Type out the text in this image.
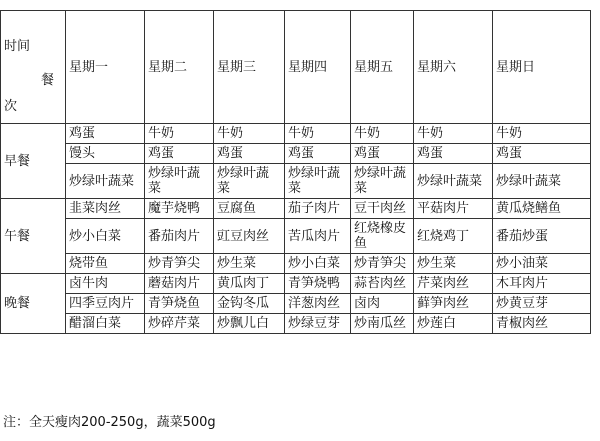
时间
餐
次	星期一	星期二	星期三	星期四	星期五	星期六	星期日
早餐	鸡蛋	牛奶	牛奶	牛奶	牛奶	牛奶	牛奶
	馒头	鸡蛋	鸡蛋	鸡蛋	鸡蛋	鸡蛋	鸡蛋
	炒绿叶蔬菜	炒绿叶蔬菜	炒绿叶蔬菜	炒绿叶蔬菜	炒绿叶蔬菜	炒绿叶蔬菜	炒绿叶蔬菜
午餐	韭菜肉丝	魔芋烧鸭	豆腐鱼	茄子肉片	豆干肉丝	平菇肉片	黄瓜烧鳝鱼
	炒小白菜	番茄肉片	豇豆肉丝	苦瓜肉片	红烧橡皮鱼	红烧鸡丁	番茄炒蛋
	烧带鱼	炒青笋尖	炒生菜	炒小白菜	炒青笋尖	炒生菜	炒小油菜
晚餐	卤牛肉	蘑菇肉片	黄瓜肉丁	青笋烧鸭	蒜苔肉丝	芹菜肉丝	木耳肉片
	四季豆肉片	青笋烧鱼	金钩冬瓜	洋葱肉丝	卤肉	藓笋肉丝	炒黄豆芽
	醋溜白菜	炒碎芹菜	炒飘儿白	炒绿豆芽	炒南瓜丝	炒莲白	青椒肉丝
注：全天瘦肉200-250g，蔬菜500g
